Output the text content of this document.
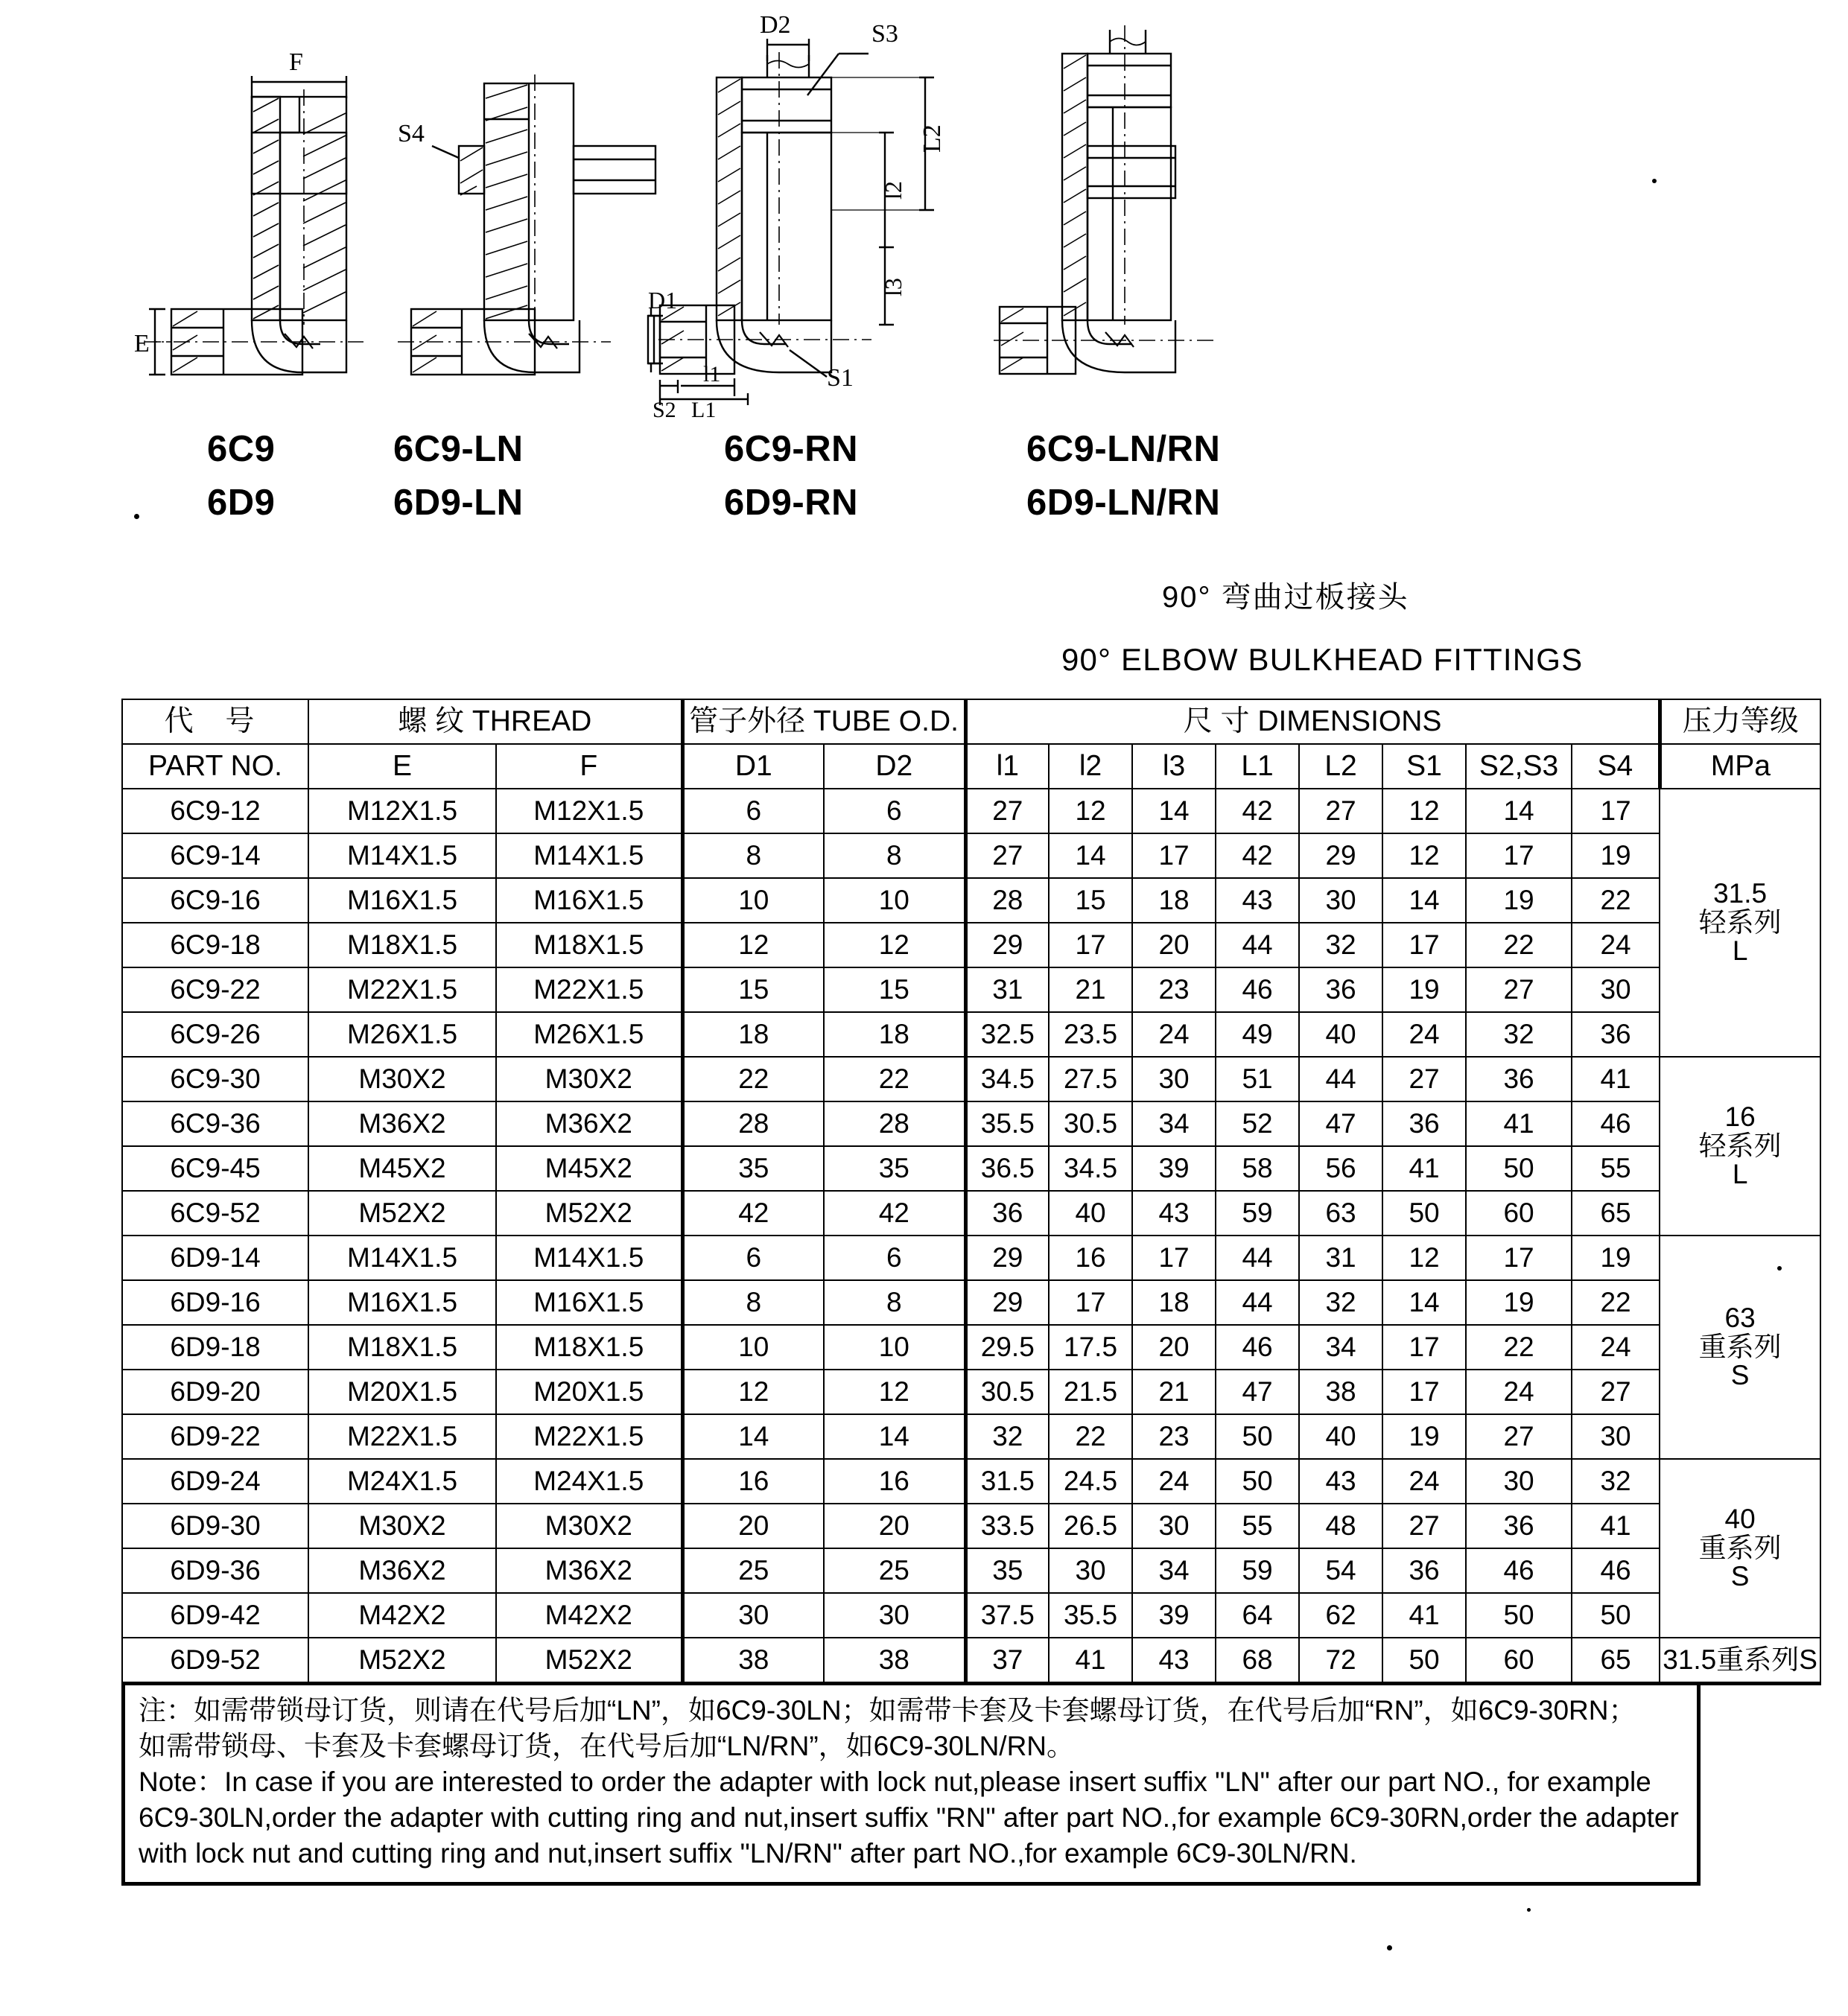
F
E
S4
D2	S3
L2
l2
l3
D1
S2
l1
L1
S1
6C9
6D9
6C9-LN
6D9-LN
6C9-RN
6D9-RN
6C9-LN/RN
6D9-LN/RN
90° 弯曲过板接头
90° ELBOW BULKHEAD FITTINGS
代 号	螺 纹 THREAD		管子外径 TUBE O.D.		尺 寸 DIMENSIONS								压力等级
PART NO.	E	F	D1	D2	l1	l2	l3	L1	L2	S1	S2,S3	S4	MPa
6C9-12	M12X1.5	M12X1.5	6	6	27	12	14	42	27	12	14	17	31.5
轻系列
L

6C9-14	M14X1.5	M14X1.5	8	8	27	14	17	42	29	12	17	19	
6C9-16	M16X1.5	M16X1.5	10	10	28	15	18	43	30	14	19	22	
6C9-18	M18X1.5	M18X1.5	12	12	29	17	20	44	32	17	22	24	
6C9-22	M22X1.5	M22X1.5	15	15	31	21	23	46	36	19	27	30	
6C9-26	M26X1.5	M26X1.5	18	18	32.5	23.5	24	49	40	24	32	36	
6C9-30	M30X2	M30X2	22	22	34.5	27.5	30	51	44	27	36	41	16
轻系列
L

6C9-36	M36X2	M36X2	28	28	35.5	30.5	34	52	47	36	41	46	
6C9-45	M45X2	M45X2	35	35	36.5	34.5	39	58	56	41	50	55	
6C9-52	M52X2	M52X2	42	42	36	40	43	59	63	50	60	65	
6D9-14	M14X1.5	M14X1.5	6	6	29	16	17	44	31	12	17	19	63
重系列
S

6D9-16	M16X1.5	M16X1.5	8	8	29	17	18	44	32	14	19	22	
6D9-18	M18X1.5	M18X1.5	10	10	29.5	17.5	20	46	34	17	22	24	
6D9-20	M20X1.5	M20X1.5	12	12	30.5	21.5	21	47	38	17	24	27	
6D9-22	M22X1.5	M22X1.5	14	14	32	22	23	50	40	19	27	30	
6D9-24	M24X1.5	M24X1.5	16	16	31.5	24.5	24	50	43	24	30	32	40
重系列
S

6D9-30	M30X2	M30X2	20	20	33.5	26.5	30	55	48	27	36	41	
6D9-36	M36X2	M36X2	25	25	35	30	34	59	54	36	46	46	
6D9-42	M42X2	M42X2	30	30	37.5	35.5	39	64	62	41	50	50	
6D9-52	M52X2	M52X2	38	38	37	41	43	68	72	50	60	65	31.5重系列S

注：如需带锁母订货，则请在代号后加“LN”，如6C9-30LN；如需带卡套及卡套螺母订货，在代号后加“RN”，如6C9-30RN；

如需带锁母、卡套及卡套螺母订货，在代号后加“LN/RN”，如6C9-30LN/RN。

Note：In case if you are interested to order the adapter with lock nut,please insert suffix "LN" after our part NO., for example

6C9-30LN,order the adapter with cutting ring and nut,insert suffix "RN" after part NO.,for example 6C9-30RN,order the adapter

with lock nut and cutting ring and nut,insert suffix "LN/RN" after part NO.,for example 6C9-30LN/RN.
